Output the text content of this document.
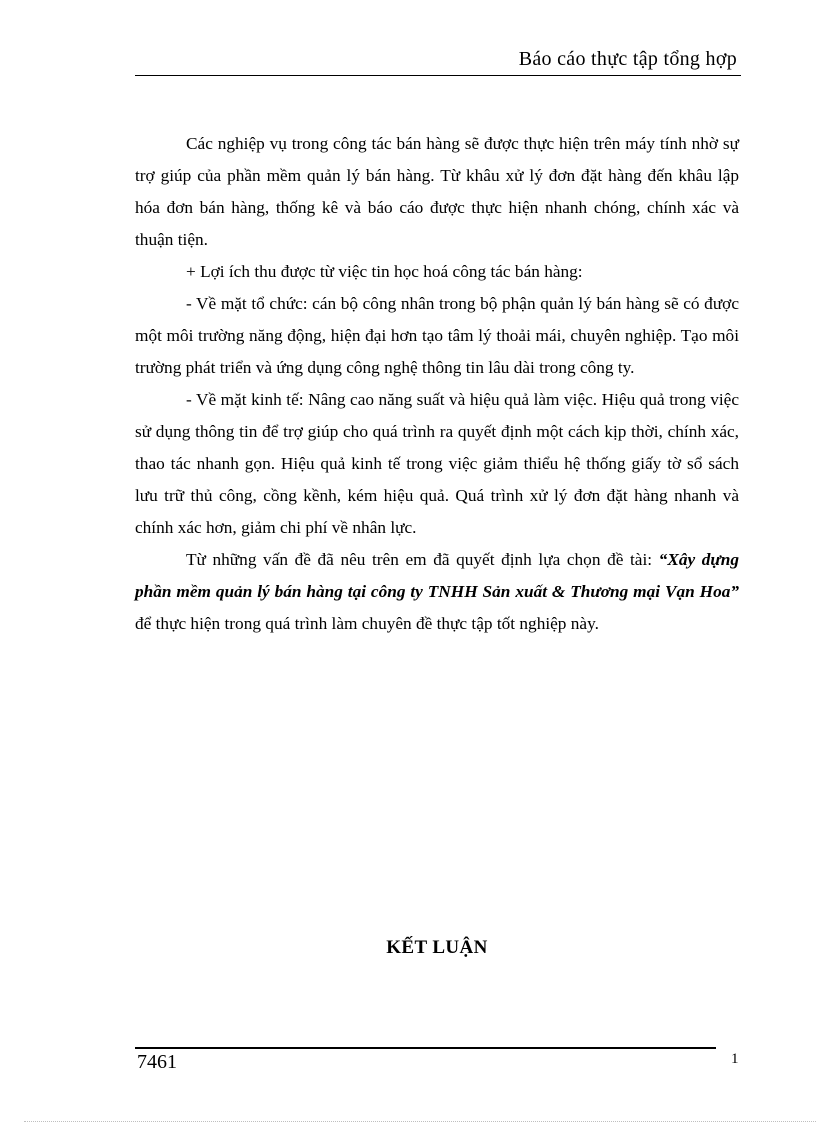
Báo cáo thực tập tổng hợp

Các nghiệp vụ trong công tác bán hàng sẽ được thực hiện trên máy tính nhờ sự trợ giúp của phần mềm quản lý bán hàng. Từ khâu xử lý đơn đặt hàng đến khâu lập hóa đơn bán hàng, thống kê và báo cáo được thực hiện nhanh chóng, chính xác và thuận tiện.

+ Lợi ích thu được từ việc tin học hoá công tác bán hàng:

- Về mặt tổ chức: cán bộ công nhân trong bộ phận quản lý bán hàng sẽ có được một môi trường năng động, hiện đại hơn tạo tâm lý thoải mái, chuyên nghiệp. Tạo môi trường phát triển và ứng dụng công nghệ thông tin lâu dài trong công ty.

- Về mặt kinh tế: Nâng cao năng suất và hiệu quả làm việc. Hiệu quả trong việc sử dụng thông tin để trợ giúp cho quá trình ra quyết định một cách kịp thời, chính xác, thao tác nhanh gọn. Hiệu quả kinh tế trong việc giảm thiểu hệ thống giấy tờ sổ sách lưu trữ thủ công, cồng kềnh, kém hiệu quả. Quá trình xử lý đơn đặt hàng nhanh và chính xác hơn, giảm chi phí về nhân lực.

Từ những vấn đề đã nêu trên em đã quyết định lựa chọn đề tài: “Xây dựng phần mềm quản lý bán hàng tại công ty TNHH Sản xuất & Thương mại Vạn Hoa” để thực hiện trong quá trình làm chuyên đề thực tập tốt nghiệp này.

KẾT LUẬN
7461	1
